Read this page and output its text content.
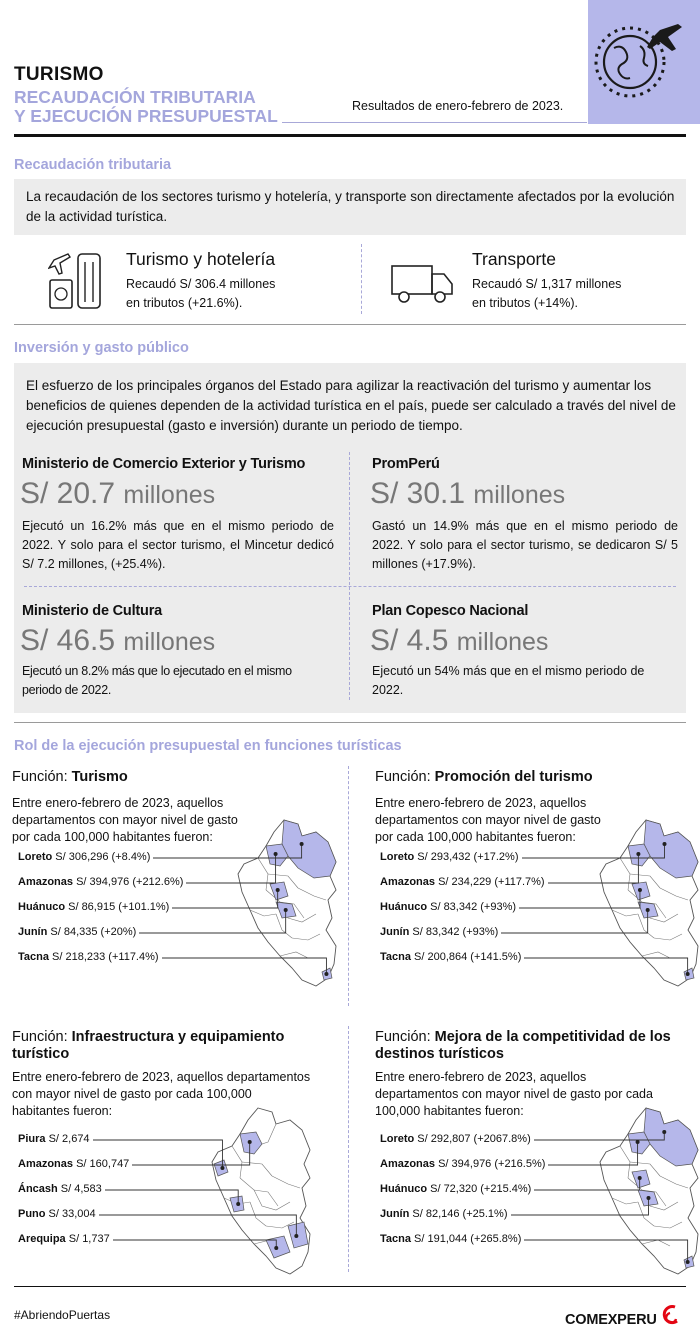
TURISMO
RECAUDACIÓN TRIBUTARIA
Y EJECUCIÓN PRESUPUESTAL	Resultados de enero-febrero de 2023.
Recaudación tributaria
La recaudación de los sectores turismo y hotelería, y transporte son directamente afectados por la evolución de la actividad turística.
Turismo y hotelería
Recaudó S/ 306.4 millones
en tributos (+21.6%).
Transporte
Recaudó S/ 1,317 millones
en tributos (+14%).
Inversión y gasto público
El esfuerzo de los principales órganos del Estado para agilizar la reactivación del turismo y aumentar los beneficios de quienes dependen de la actividad turística en el país, puede ser calculado a través del nivel de ejecución presupuestal (gasto e inversión) durante un periodo de tiempo.
Ministerio de Comercio Exterior y Turismo
S/ 20.7 millones
Ejecutó un 16.2% más que en el mismo periodo de 2022. Y solo para el sector turismo, el Mincetur dedicó S/ 7.2 millones, (+25.4%).
PromPerú
S/ 30.1 millones
Gastó un 14.9% más que en el mismo periodo de 2022. Y solo para el sector turismo, se dedicaron S/ 5 millones (+17.9%).
Ministerio de Cultura
S/ 46.5 millones
Ejecutó un 8.2% más que lo ejecutado en el mismo periodo de 2022.
Plan Copesco Nacional
S/ 4.5 millones
Ejecutó un 54% más que en el mismo periodo de 2022.
Rol de la ejecución presupuestal en funciones turísticas
Función: Turismo
Entre enero-febrero de 2023, aquellos departamentos con mayor nivel de gasto por cada 100,000 habitantes fueron:
Función: Promoción del turismo
Entre enero-febrero de 2023, aquellos departamentos con mayor nivel de gasto por cada 100,000 habitantes fueron:
Función: Infraestructura y equipamiento turístico
Entre enero-febrero de 2023, aquellos departamentos con mayor nivel de gasto por cada 100,000 habitantes fueron:
Función: Mejora de la competitividad de los destinos turísticos
Entre enero-febrero de 2023, aquellos departamentos con mayor nivel de gasto por cada 100,000 habitantes fueron:
Loreto S/ 306,296 (+8.4%)
Amazonas S/ 394,976 (+212.6%)
Huánuco S/ 86,915 (+101.1%)
Junín S/ 84,335 (+20%)
Tacna S/ 218,233 (+117.4%)
Loreto S/ 293,432 (+17.2%)
Amazonas S/ 234,229 (+117.7%)
Huánuco S/ 83,342 (+93%)
Junín S/ 83,342 (+93%)
Tacna S/ 200,864 (+141.5%)
Piura S/ 2,674
Amazonas S/ 160,747
Áncash S/ 4,583
Puno S/ 33,004
Arequipa S/ 1,737
Loreto S/ 292,807 (+2067.8%)
Amazonas S/ 394,976 (+216.5%)
Huánuco S/ 72,320 (+215.4%)
Junín S/ 82,146 (+25.1%)
Tacna S/ 191,044 (+265.8%)
#AbriendoPuertas	COMEXPERU
